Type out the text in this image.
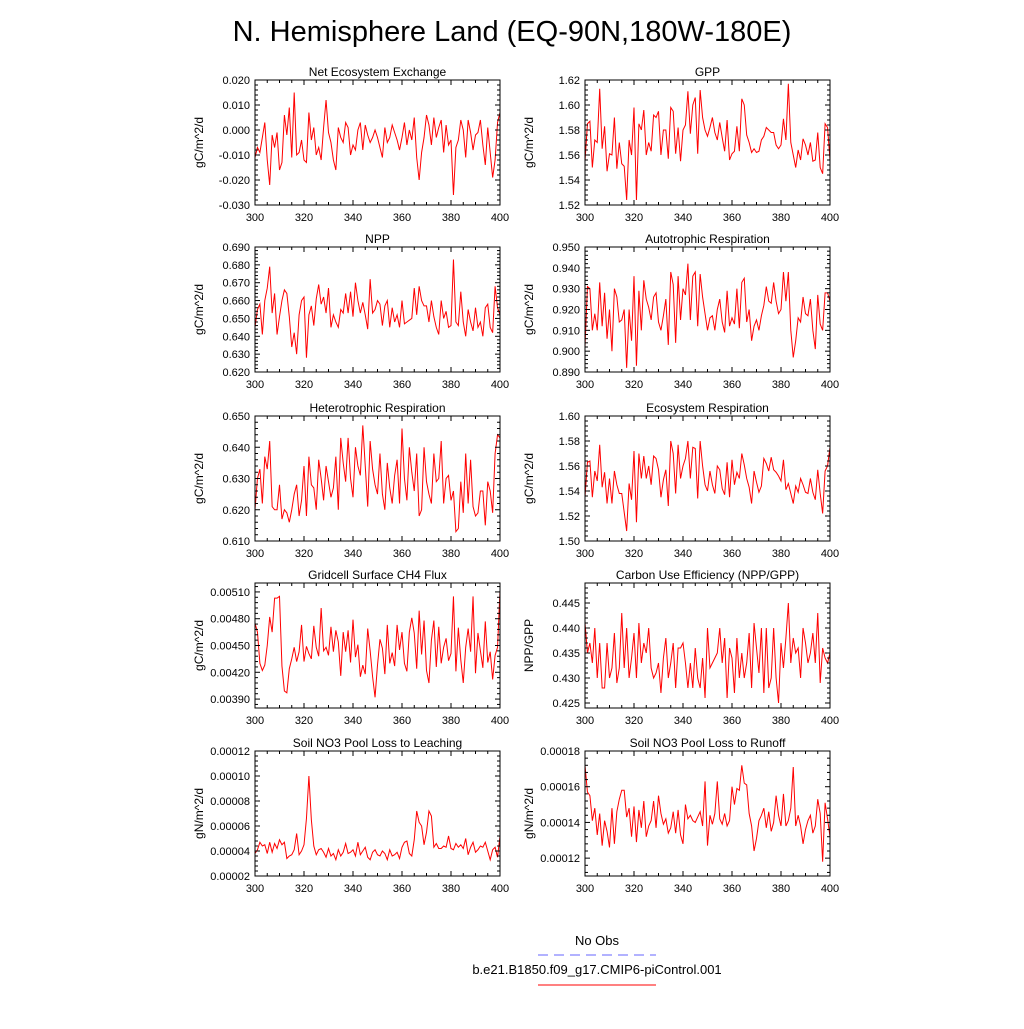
N. Hemisphere Land (EQ-90N,180W-180E)
Net Ecosystem Exchange
300	320	340	360	380	400
-0.030
-0.020
-0.010
0.000
0.010
0.020
gC/m^2/d
GPP
300	320	340	360	380	400
1.52
1.54
1.56
1.58
1.60
1.62
gC/m^2/d
NPP
300	320	340	360	380	400
0.620
0.630
0.640
0.650
0.660
0.670
0.680
0.690
gC/m^2/d
Autotrophic Respiration
300	320	340	360	380	400
0.890
0.900
0.910
0.920
0.930
0.940
0.950
gC/m^2/d
Heterotrophic Respiration
300	320	340	360	380	400
0.610
0.620
0.630
0.640
0.650
gC/m^2/d
Ecosystem Respiration
300	320	340	360	380	400
1.50
1.52
1.54
1.56
1.58
1.60
gC/m^2/d
Gridcell Surface CH4 Flux
300	320	340	360	380	400
0.00390
0.00420
0.00450
0.00480
0.00510
gC/m^2/d
Carbon Use Efficiency (NPP/GPP)
300	320	340	360	380	400
0.425
0.430
0.435
0.440
0.445
NPP/GPP
Soil NO3 Pool Loss to Leaching
300	320	340	360	380	400
0.00002
0.00004
0.00006
0.00008
0.00010
0.00012
gN/m^2/d
Soil NO3 Pool Loss to Runoff
300	320	340	360	380	400
0.00012
0.00014
0.00016
0.00018
gN/m^2/d
No Obs
b.e21.B1850.f09_g17.CMIP6-piControl.001
